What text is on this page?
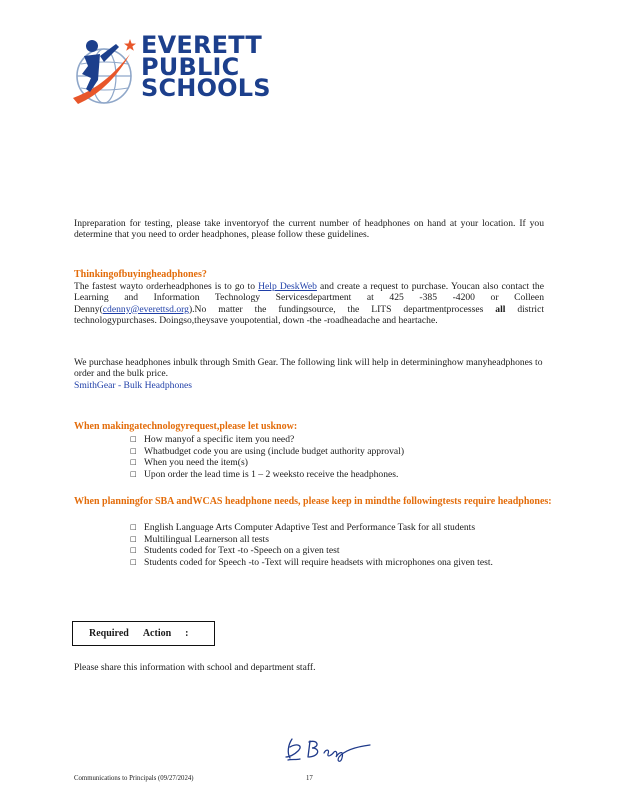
EVERETT
PUBLIC
SCHOOLS

Inpreparation for testing, please take inventoryof the current number of headphones on hand at your location. If you determine that you need to order headphones, please follow these guidelines.

Thinkingofbuyingheadphones?

The fastest wayto orderheadphones is to go to Help DeskWeb and create a request to purchase. Youcan also contact the Learning and Information Technology Servicesdepartment at 425 -385 -4200 or Colleen Denny(cdenny@everettsd.org).No matter the fundingsource, the LITS departmentprocesses all district technologypurchases. Doingso,theysave youpotential, down -the -roadheadache and heartache.

We purchase headphones inbulk through Smith Gear. The following link will help in determininghow manyheadphones to order and the bulk price.
SmithGear - Bulk Headphones

When makingatechnologyrequest,please let usknow:
□ How manyof a specific item you need?
□ Whatbudget code you are using (include budget authority approval)
□ When you need the item(s)
□ Upon order the lead time is 1 – 2 weeksto receive the headphones.
When planningfor SBA andWCAS headphone needs, please keep in mindthe followingtests require headphones:
□ English Language Arts Computer Adaptive Test and Performance Task for all students
□ Multilingual Learnerson all tests
□ Students coded for Text -to -Speech on a given test
□ Students coded for Speech -to -Text will require headsets with microphones ona given test.
Required Action :

Please share this information with school and department staff.

Communications to Principals (09/27/2024)	17
